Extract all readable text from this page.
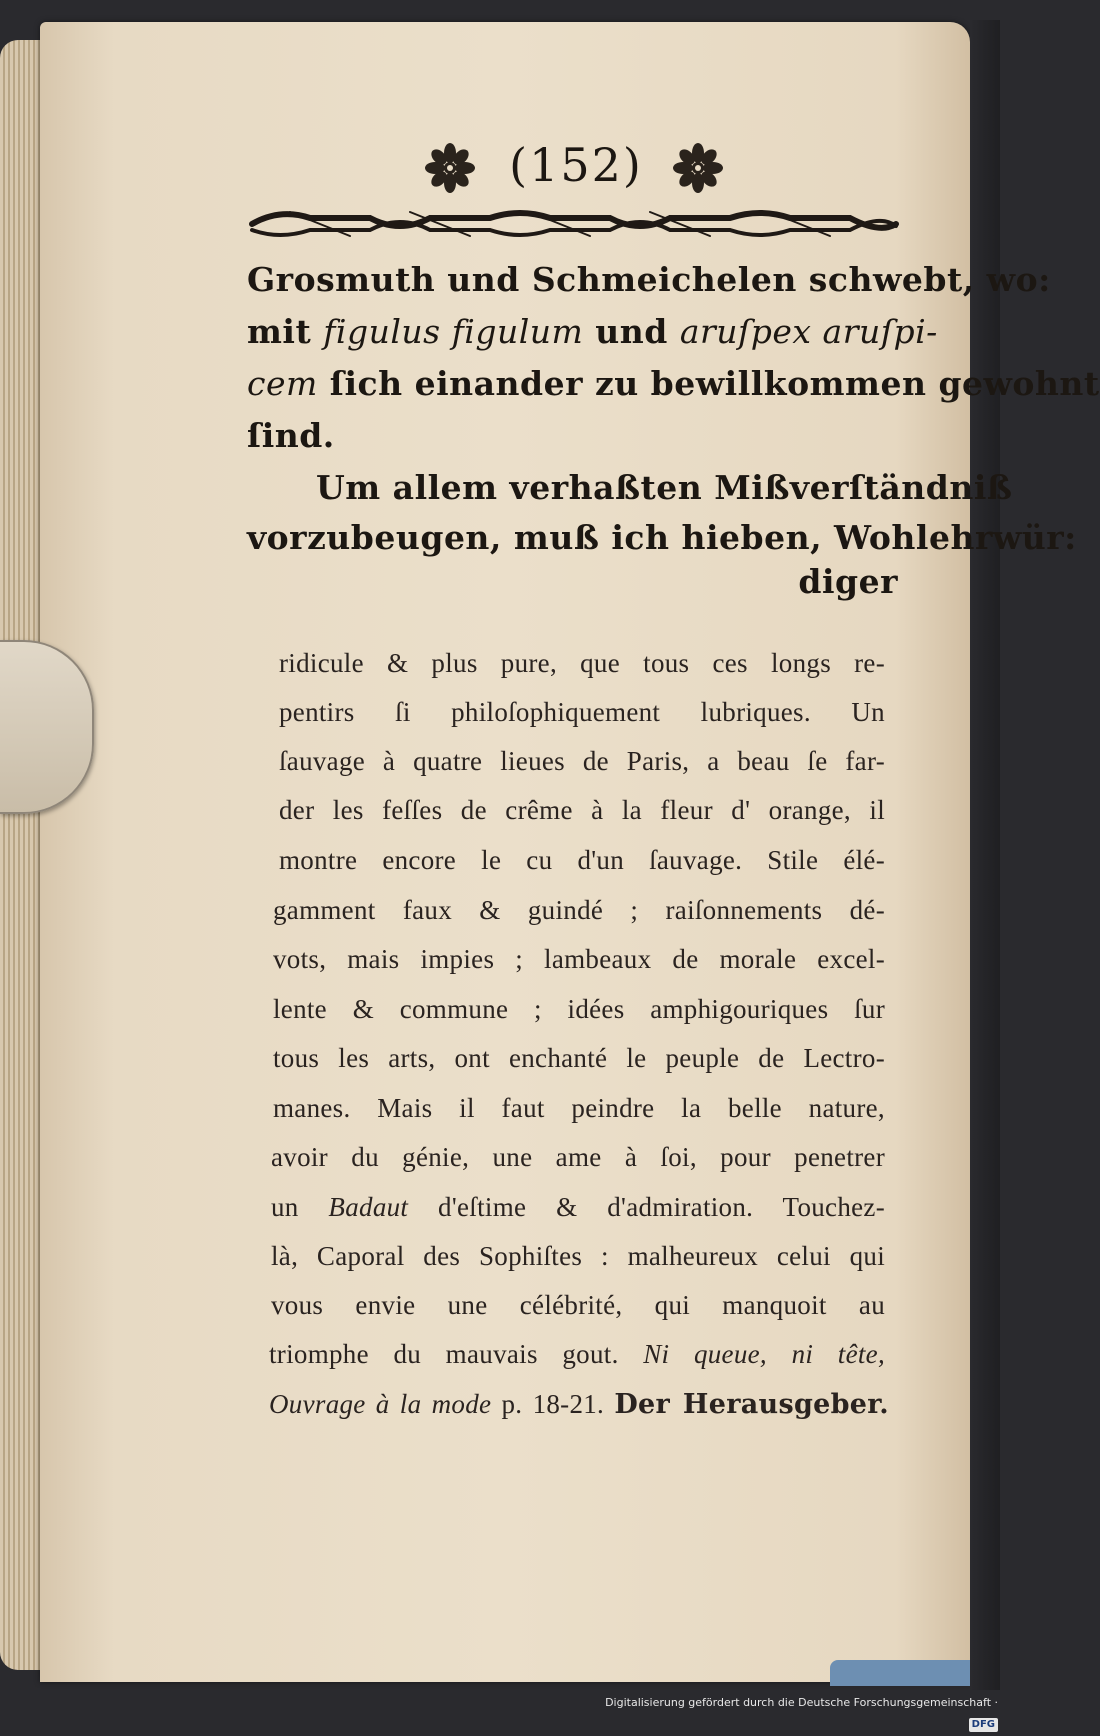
(152)
Grosmuth und Schmeichelen schwebt, wo:
mit figulus figulum und aruſpex aruſpi-
cem ſich einander zu bewillkommen gewohnt
ſind.
Um allem verhaßten Mißverſtändniß
vorzubeugen, muß ich hieben, Wohlehrwür:
diger
ridicule & plus pure, que tous ces longs re-
pentirs ſi philoſophiquement lubriques. Un
ſauvage à quatre lieues de Paris, a beau ſe far-
der les feſſes de crême à la fleur d' orange, il
montre encore le cu d'un ſauvage. Stile élé-
gamment faux & guindé ; raiſonnements dé-
vots, mais impies ; lambeaux de morale excel-
lente & commune ; idées amphigouriques ſur
tous les arts, ont enchanté le peuple de Lectro-
manes. Mais il faut peindre la belle nature,
avoir du génie, une ame à ſoi, pour penetrer
un Badaut d'eſtime & d'admiration. Touchez-
là, Caporal des Sophiſtes : malheureux celui qui
vous envie une célébrité, qui manquoit au
triomphe du mauvais gout. Ni queue, ni tête,
Ouvrage à la mode p. 18-21. Der Herausgeber.
Digitalisierung gefördert durch die Deutsche Forschungsgemeinschaft ·DFG
